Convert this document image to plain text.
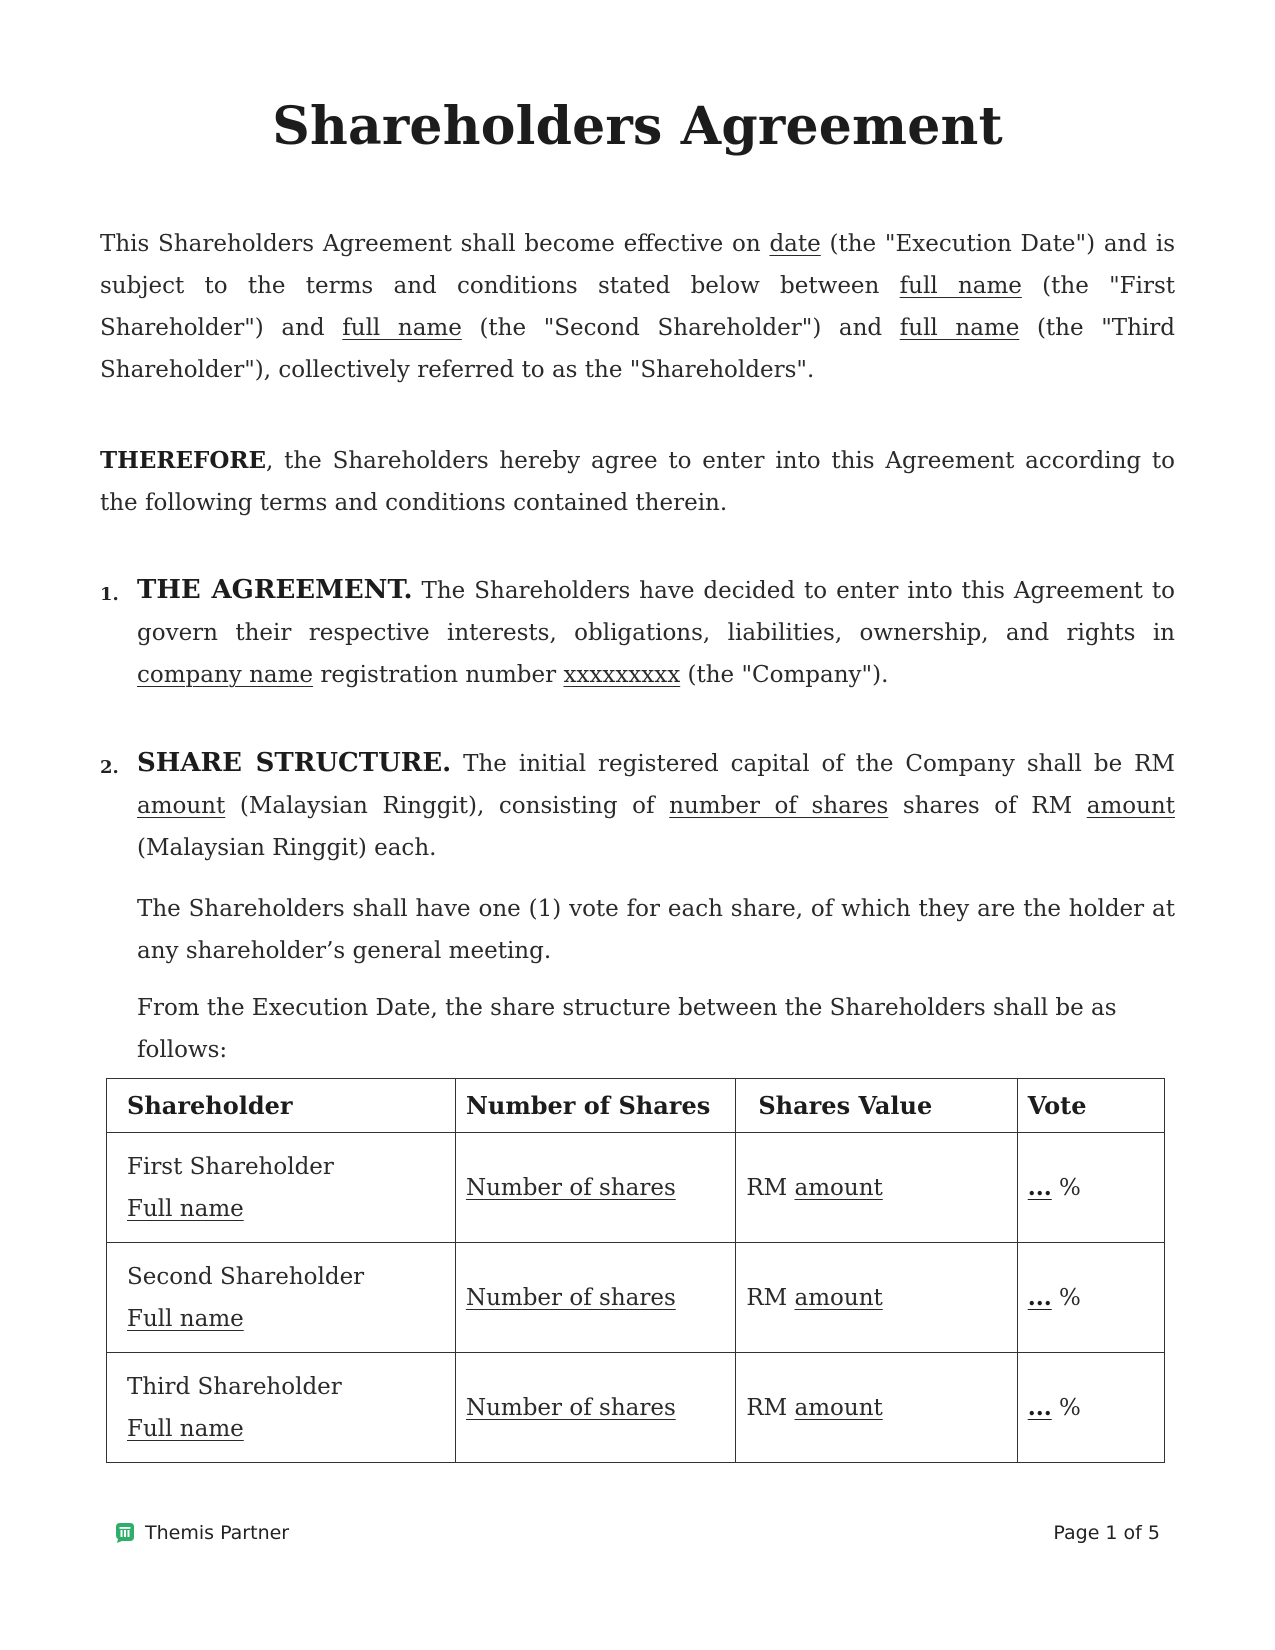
Shareholders Agreement
This Shareholders Agreement shall become effective on date (the "Execution Date") and is subject to the terms and conditions stated below between full name (the "First Shareholder") and full name (the "Second Shareholder") and full name (the "Third Shareholder"), collectively referred to as the "Shareholders".
THEREFORE, the Shareholders hereby agree to enter into this Agreement according to the following terms and conditions contained therein.
1. THE AGREEMENT. The Shareholders have decided to enter into this Agreement to govern their respective interests, obligations, liabilities, ownership, and rights in company name registration number xxxxxxxxx (the "Company").
2. SHARE STRUCTURE. The initial registered capital of the Company shall be RM amount (Malaysian Ringgit), consisting of number of shares shares of RM amount (Malaysian Ringgit) each.
The Shareholders shall have one (1) vote for each share, of which they are the holder at any shareholder’s general meeting.
From the Execution Date, the share structure between the Shareholders shall be as follows:
Shareholder	Number of Shares	Shares Value	Vote

First Shareholder
Full name	Number of shares	RM amount	... %

Second Shareholder
Full name	Number of shares	RM amount	... %

Third Shareholder
Full name	Number of shares	RM amount	... %
Themis Partner	Page 1 of 5
